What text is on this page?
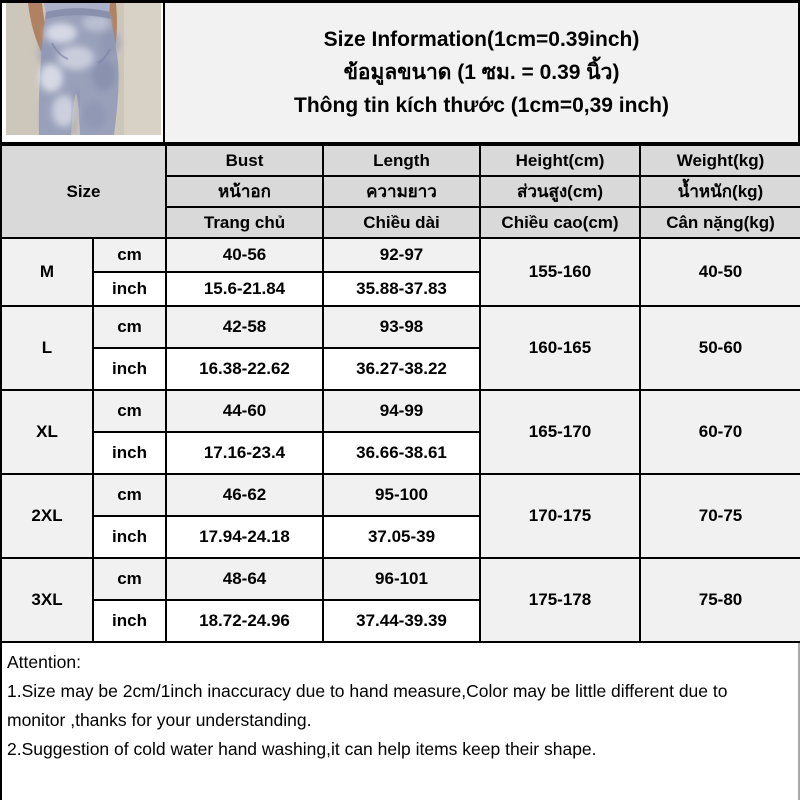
Size Information(1cm=0.39inch)
ข้อมูลขนาด (1 ซม. = 0.39 นิ้ว)
Thông tin kích thước (1cm=0,39 inch)
Size		Bust	Length	Height(cm)	Weight(kg)
		หน้าอก	ความยาว	ส่วนสูง(cm)	น้ำหนัก(kg)
		Trang chủ	Chiều dài	Chiều cao(cm)	Cân nặng(kg)
M	cm	40-56	92-97	155-160	40-50
	inch	15.6-21.84	35.88-37.83		
L	cm	42-58	93-98	160-165	50-60
	inch	16.38-22.62	36.27-38.22		
XL	cm	44-60	94-99	165-170	60-70
	inch	17.16-23.4	36.66-38.61		
2XL	cm	46-62	95-100	170-175	70-75
	inch	17.94-24.18	37.05-39		
3XL	cm	48-64	96-101	175-178	75-80
	inch	18.72-24.96	37.44-39.39		
Attention:
1.Size may be 2cm/1inch inaccuracy due to hand measure,Color may be little different due to monitor ,thanks for your understanding.
2.Suggestion of cold water hand washing,it can help items keep their shape.
